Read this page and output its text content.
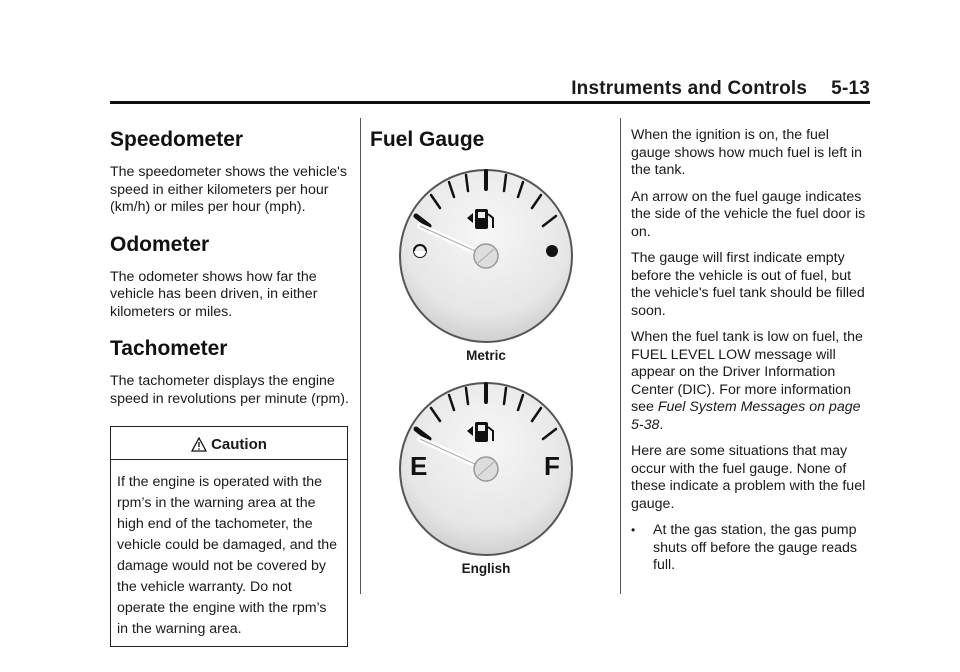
Instruments and Controls 5-13
Speedometer

The speedometer shows the vehicle's speed in either kilometers per hour (km/h) or miles per hour (mph).

Odometer

The odometer shows how far the vehicle has been driven, in either kilometers or miles.

Tachometer

The tachometer displays the engine speed in revolutions per minute (rpm).

Caution
If the engine is operated with the rpm’s in the warning area at the high end of the tachometer, the vehicle could be damaged, and the damage would not be covered by the vehicle warranty. Do not operate the engine with the rpm’s in the warning area.
Fuel Gauge
Metric
E	F
English

When the ignition is on, the fuel gauge shows how much fuel is left in the tank.

An arrow on the fuel gauge indicates the side of the vehicle the fuel door is on.

The gauge will first indicate empty before the vehicle is out of fuel, but the vehicle's fuel tank should be filled soon.

When the fuel tank is low on fuel, the FUEL LEVEL LOW message will appear on the Driver Information Center (DIC). For more information see Fuel System Messages on page 5-38.

Here are some situations that may occur with the fuel gauge. None of these indicate a problem with the fuel gauge.

• At the gas station, the gas pump shuts off before the gauge reads full.
